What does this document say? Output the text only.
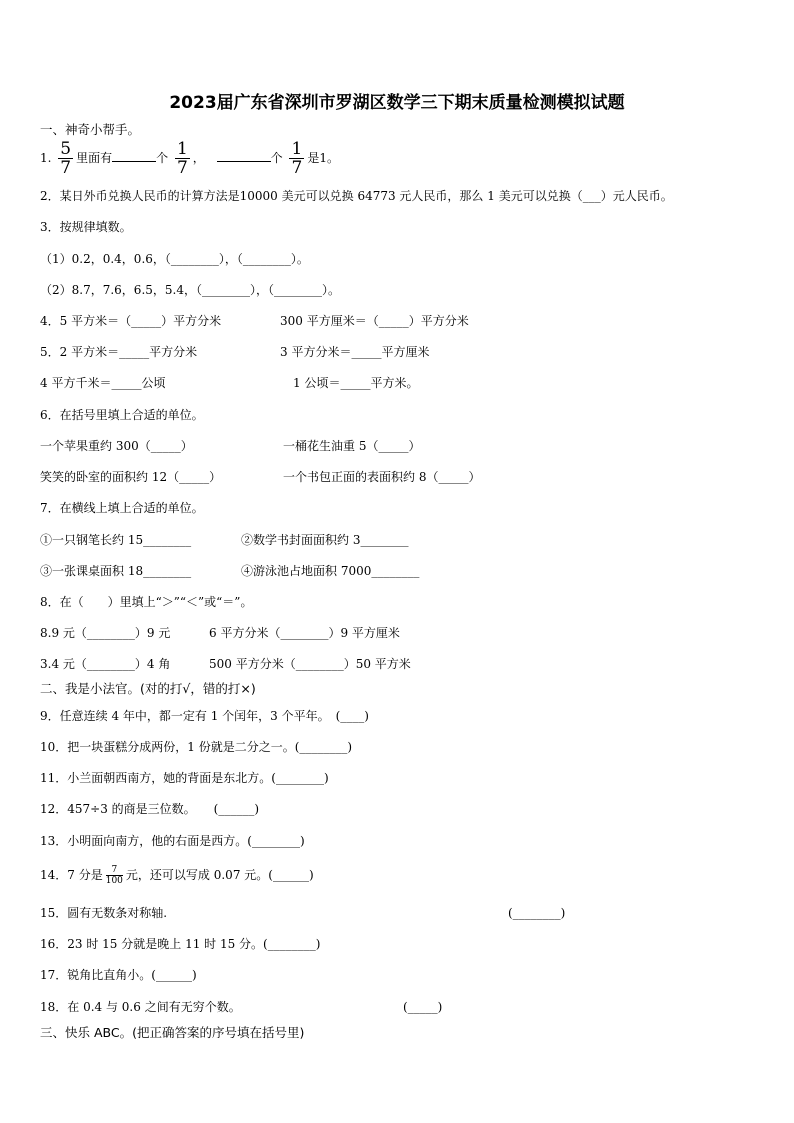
2023届广东省深圳市罗湖区数学三下期末质量检测模拟试题
一、神奇小帮手。
1. $\frac{5}{7}$ 里面有	个 $\frac{1}{7}$ ，	个 $\frac{1}{7}$ 是1。
2．某日外币兑换人民币的计算方法是10000 美元可以兑换 64773 元人民币，那么 1 美元可以兑换（___）元人民币。
3．按规律填数。
（1）0.2，0.4，0.6，（________），（________）。
（2）8.7，7.6，6.5，5.4，（________），（________）。
4．5 平方米＝（_____）平方分米	300 平方厘米＝（_____）平方分米
5．2 平方米＝_____平方分米	3 平方分米＝_____平方厘米
4 平方千米＝_____公顷	1 公顷＝_____平方米。
6．在括号里填上合适的单位。
一个苹果重约 300（_____）	一桶花生油重 5（_____）
笑笑的卧室的面积约 12（_____）	一个书包正面的表面积约 8（_____）
7．在横线上填上合适的单位。
①一只钢笔长约 15________	②数学书封面面积约 3________
③一张课桌面积 18________	④游泳池占地面积 7000________
8．在（　　）里填上“＞”“＜”或“＝”。
8.9 元（________）9 元	6 平方分米（________）9 平方厘米
3.4 元（________）4 角	500 平方分米（________）50 平方米
二、我是小法官。(对的打√，错的打×)
9．任意连续 4 年中，都一定有 1 个闰年，3 个平年。　(____)
10．把一块蛋糕分成两份，1 份就是二分之一。(________)
11．小兰面朝西南方，她的背面是东北方。(________)
12．457÷3 的商是三位数。　　(______)
13．小明面向南方，他的右面是西方。(________)
14．7 分是 $\frac{7}{100}$ 元，还可以写成 0.07 元。(______)
15．圆有无数条对称轴.	(________)
16．23 时 15 分就是晚上 11 时 15 分。(________)
17．锐角比直角小。(______)
18．在 0.4 与 0.6 之间有无穷个数。	(_____)
三、快乐 ABC。(把正确答案的序号填在括号里)
